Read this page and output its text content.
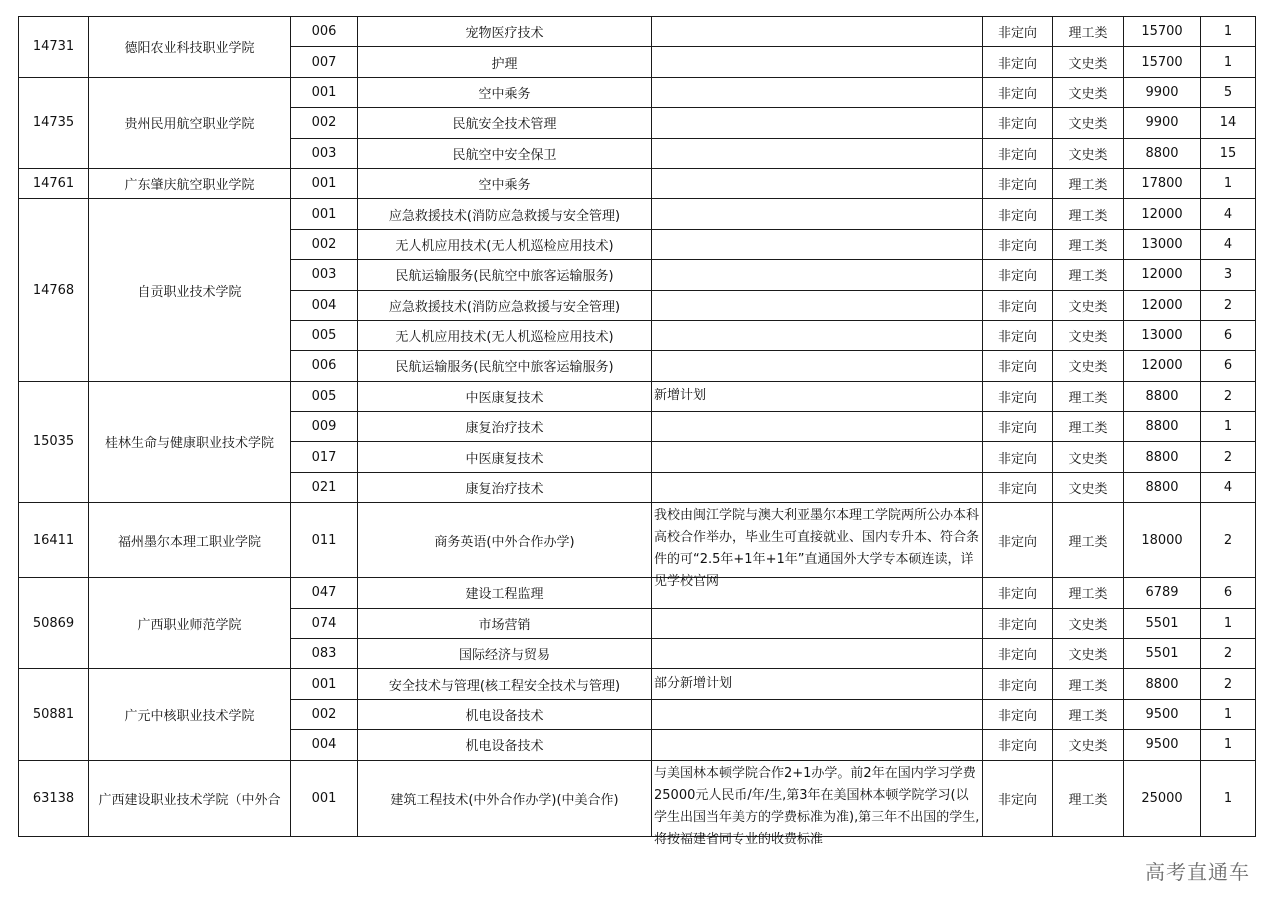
14731	德阳农业科技职业学院	006	宠物医疗技术		非定向	理工类	15700	1
		007	护理		非定向	文史类	15700	1
14735	贵州民用航空职业学院	001	空中乘务		非定向	文史类	9900	5
		002	民航安全技术管理		非定向	文史类	9900	14
		003	民航空中安全保卫		非定向	文史类	8800	15
14761	广东肇庆航空职业学院	001	空中乘务		非定向	理工类	17800	1
14768	自贡职业技术学院	001	应急救援技术(消防应急救援与安全管理)		非定向	理工类	12000	4
		002	无人机应用技术(无人机巡检应用技术)		非定向	理工类	13000	4
		003	民航运输服务(民航空中旅客运输服务)		非定向	理工类	12000	3
		004	应急救援技术(消防应急救援与安全管理)		非定向	文史类	12000	2
		005	无人机应用技术(无人机巡检应用技术)		非定向	文史类	13000	6
		006	民航运输服务(民航空中旅客运输服务)		非定向	文史类	12000	6
15035	桂林生命与健康职业技术学院	005	中医康复技术	新增计划	非定向	理工类	8800	2
		009	康复治疗技术		非定向	理工类	8800	1
		017	中医康复技术		非定向	文史类	8800	2
		021	康复治疗技术		非定向	文史类	8800	4
16411	福州墨尔本理工职业学院	011	商务英语(中外合作办学)	我校由闽江学院与澳大利亚墨尔本理工学院两所公办本科高校合作举办，毕业生可直接就业、国内专升本、符合条件的可“2.5年+1年+1年”直通国外大学专本硕连读，详见学校官网	非定向	理工类	18000	2
50869	广西职业师范学院	047	建设工程监理		非定向	理工类	6789	6
		074	市场营销		非定向	文史类	5501	1
		083	国际经济与贸易		非定向	文史类	5501	2
50881	广元中核职业技术学院	001	安全技术与管理(核工程安全技术与管理)	部分新增计划	非定向	理工类	8800	2
		002	机电设备技术		非定向	理工类	9500	1
		004	机电设备技术		非定向	文史类	9500	1
63138	广西建设职业技术学院（中外合	001	建筑工程技术(中外合作办学)(中美合作)	与美国林本顿学院合作2+1办学。前2年在国内学习学费25000元人民币/年/生,第3年在美国林本顿学院学习(以学生出国当年美方的学费标准为准),第三年不出国的学生,将按福建省同专业的收费标准	非定向	理工类	25000	1
高考直通车
